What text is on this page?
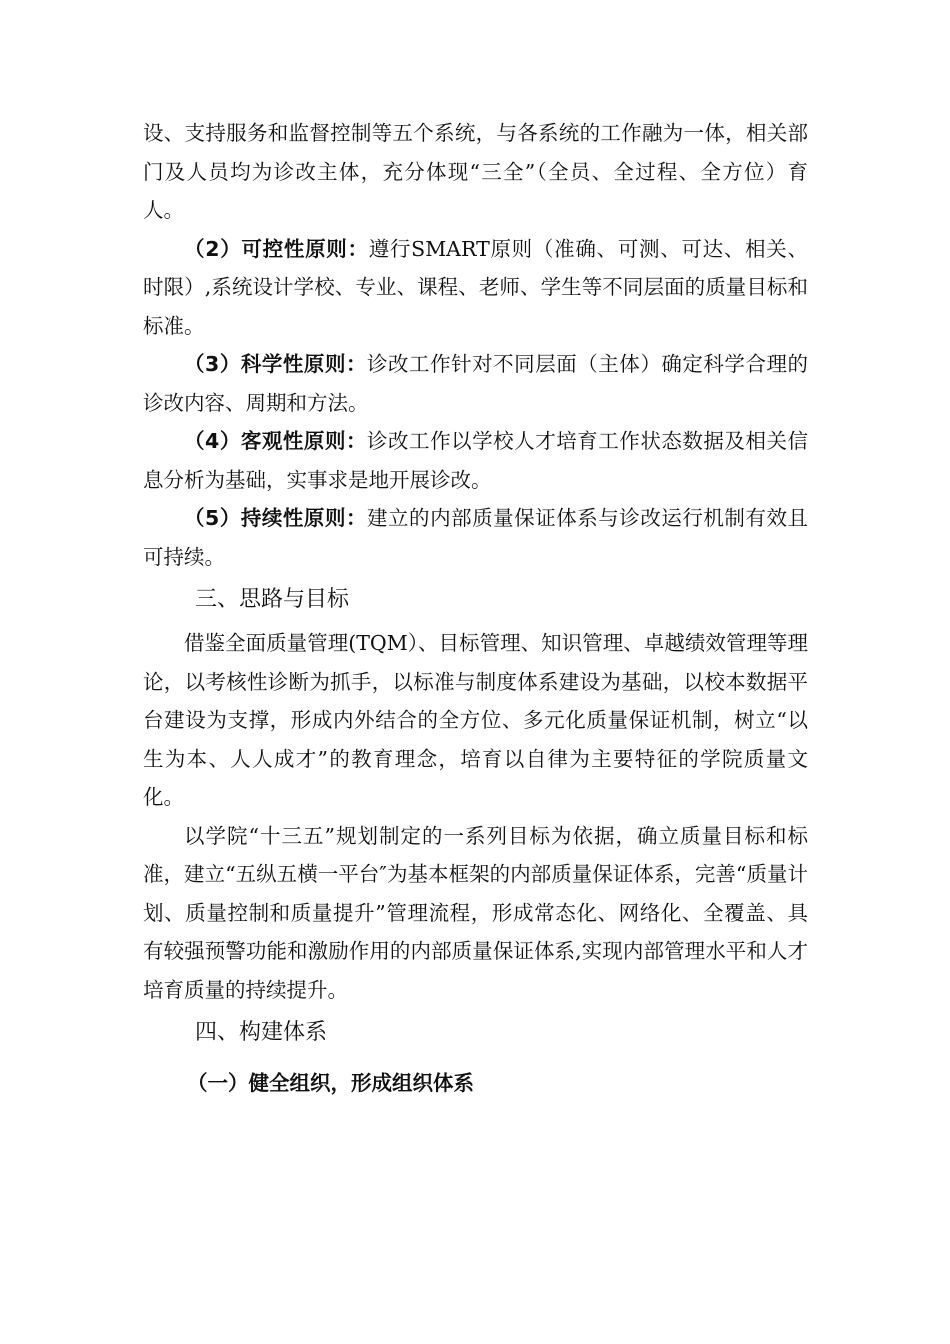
设、支持服务和监督控制等五个系统，与各系统的工作融为一体，相关部门及人员均为诊改主体，充分体现“三全”（全员、全过程、全方位）育人。

（2）可控性原则：遵行SMART原则（准确、可测、可达、相关、时限）,系统设计学校、专业、课程、老师、学生等不同层面的质量目标和标准。

（3）科学性原则：诊改工作针对不同层面（主体）确定科学合理的诊改内容、周期和方法。

（4）客观性原则：诊改工作以学校人才培育工作状态数据及相关信息分析为基础，实事求是地开展诊改。

（5）持续性原则：建立的内部质量保证体系与诊改运行机制有效且可持续。

三、思路与目标

借鉴全面质量管理(TQM）、目标管理、知识管理、卓越绩效管理等理论，以考核性诊断为抓手，以标准与制度体系建设为基础，以校本数据平台建设为支撑，形成内外结合的全方位、多元化质量保证机制，树立“以生为本、人人成才”的教育理念，培育以自律为主要特征的学院质量文化。

以学院“十三五”规划制定的一系列目标为依据，确立质量目标和标准，建立“五纵五横一平台″为基本框架的内部质量保证体系，完善“质量计划、质量控制和质量提升”管理流程，形成常态化、网络化、全覆盖、具有较强预警功能和激励作用的内部质量保证体系,实现内部管理水平和人才培育质量的持续提升。

四、构建体系
（一）健全组织，形成组织体系
